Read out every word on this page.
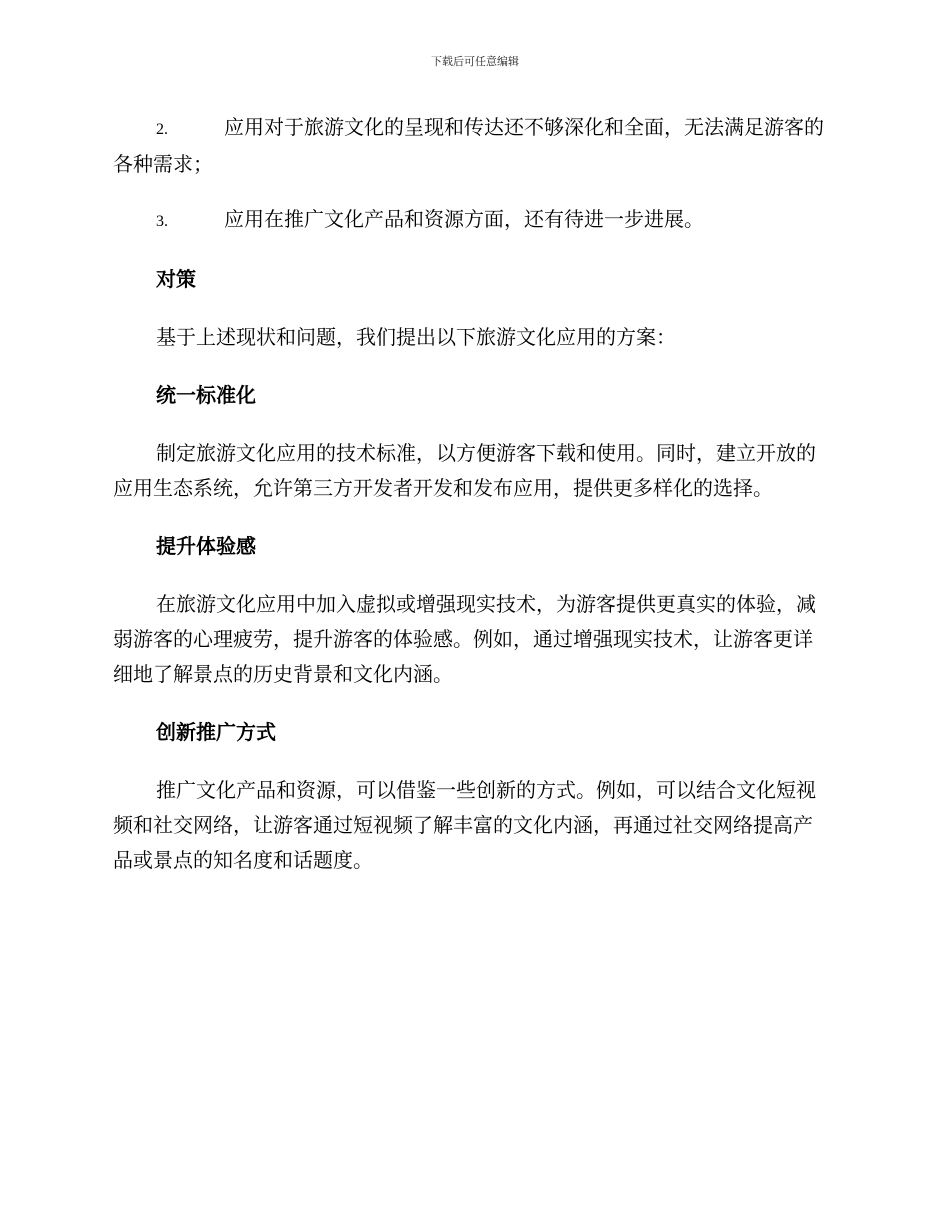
下载后可任意编辑

2.	应用对于旅游文化的呈现和传达还不够深化和全面，无法满足游客的各种需求；

3.	应用在推广文化产品和资源方面，还有待进一步进展。

对策

基于上述现状和问题，我们提出以下旅游文化应用的方案：

统一标准化

制定旅游文化应用的技术标准，以方便游客下载和使用。同时，建立开放的应用生态系统，允许第三方开发者开发和发布应用，提供更多样化的选择。

提升体验感

在旅游文化应用中加入虚拟或增强现实技术，为游客提供更真实的体验，减弱游客的心理疲劳，提升游客的体验感。例如，通过增强现实技术，让游客更详细地了解景点的历史背景和文化内涵。

创新推广方式

推广文化产品和资源，可以借鉴一些创新的方式。例如，可以结合文化短视频和社交网络，让游客通过短视频了解丰富的文化内涵，再通过社交网络提高产品或景点的知名度和话题度。
